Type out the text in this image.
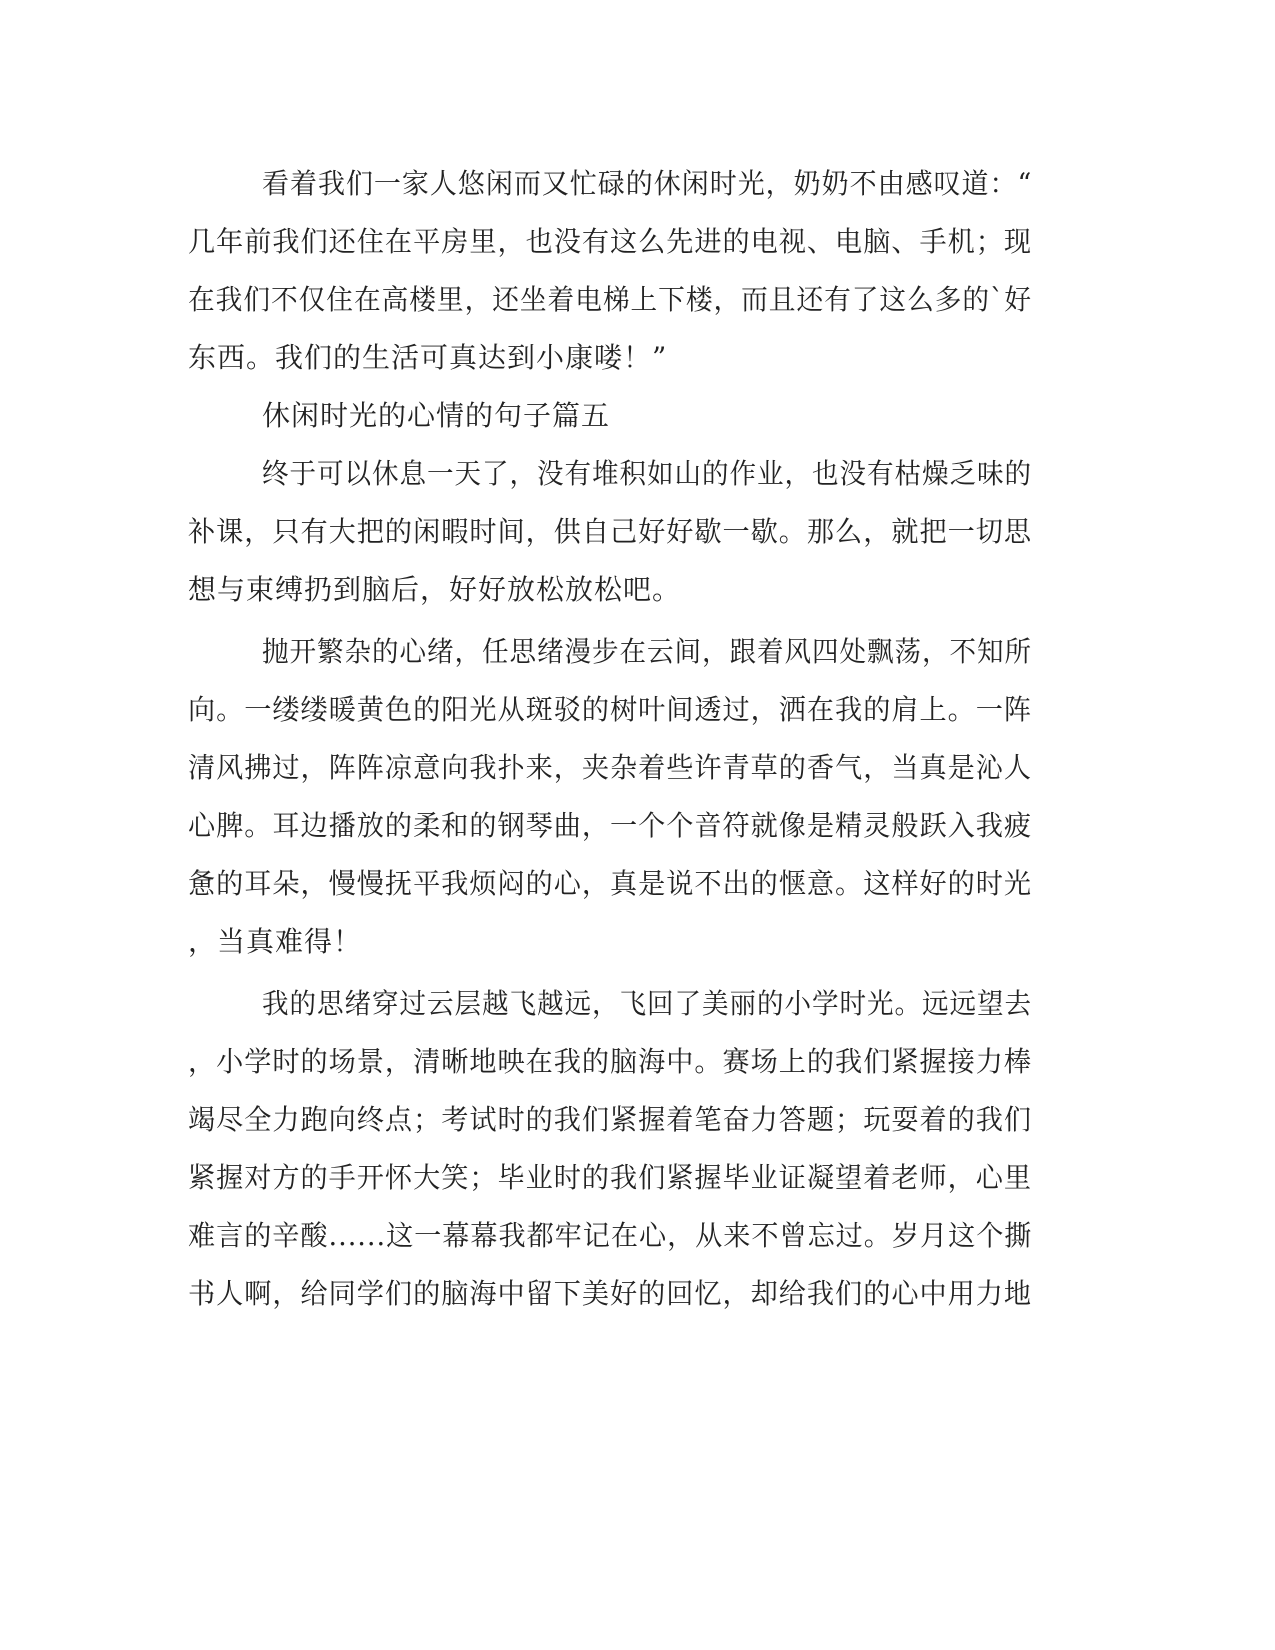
看着我们一家人悠闲而又忙碌的休闲时光，奶奶不由感叹道：“
几年前我们还住在平房里，也没有这么先进的电视、电脑、手机；现
在我们不仅住在高楼里，还坐着电梯上下楼，而且还有了这么多的`好
东西。我们的生活可真达到小康喽！”
休闲时光的心情的句子篇五
终于可以休息一天了，没有堆积如山的作业，也没有枯燥乏味的
补课，只有大把的闲暇时间，供自己好好歇一歇。那么，就把一切思
想与束缚扔到脑后，好好放松放松吧。
抛开繁杂的心绪，任思绪漫步在云间，跟着风四处飘荡，不知所
向。一缕缕暖黄色的阳光从斑驳的树叶间透过，洒在我的肩上。一阵
清风拂过，阵阵凉意向我扑来，夹杂着些许青草的香气，当真是沁人
心脾。耳边播放的柔和的钢琴曲，一个个音符就像是精灵般跃入我疲
惫的耳朵，慢慢抚平我烦闷的心，真是说不出的惬意。这样好的时光
，当真难得！
我的思绪穿过云层越飞越远，飞回了美丽的小学时光。远远望去
，小学时的场景，清晰地映在我的脑海中。赛场上的我们紧握接力棒
竭尽全力跑向终点；考试时的我们紧握着笔奋力答题；玩耍着的我们
紧握对方的手开怀大笑；毕业时的我们紧握毕业证凝望着老师，心里
难言的辛酸......这一幕幕我都牢记在心，从来不曾忘过。岁月这个撕
书人啊，给同学们的脑海中留下美好的回忆，却给我们的心中用力地
